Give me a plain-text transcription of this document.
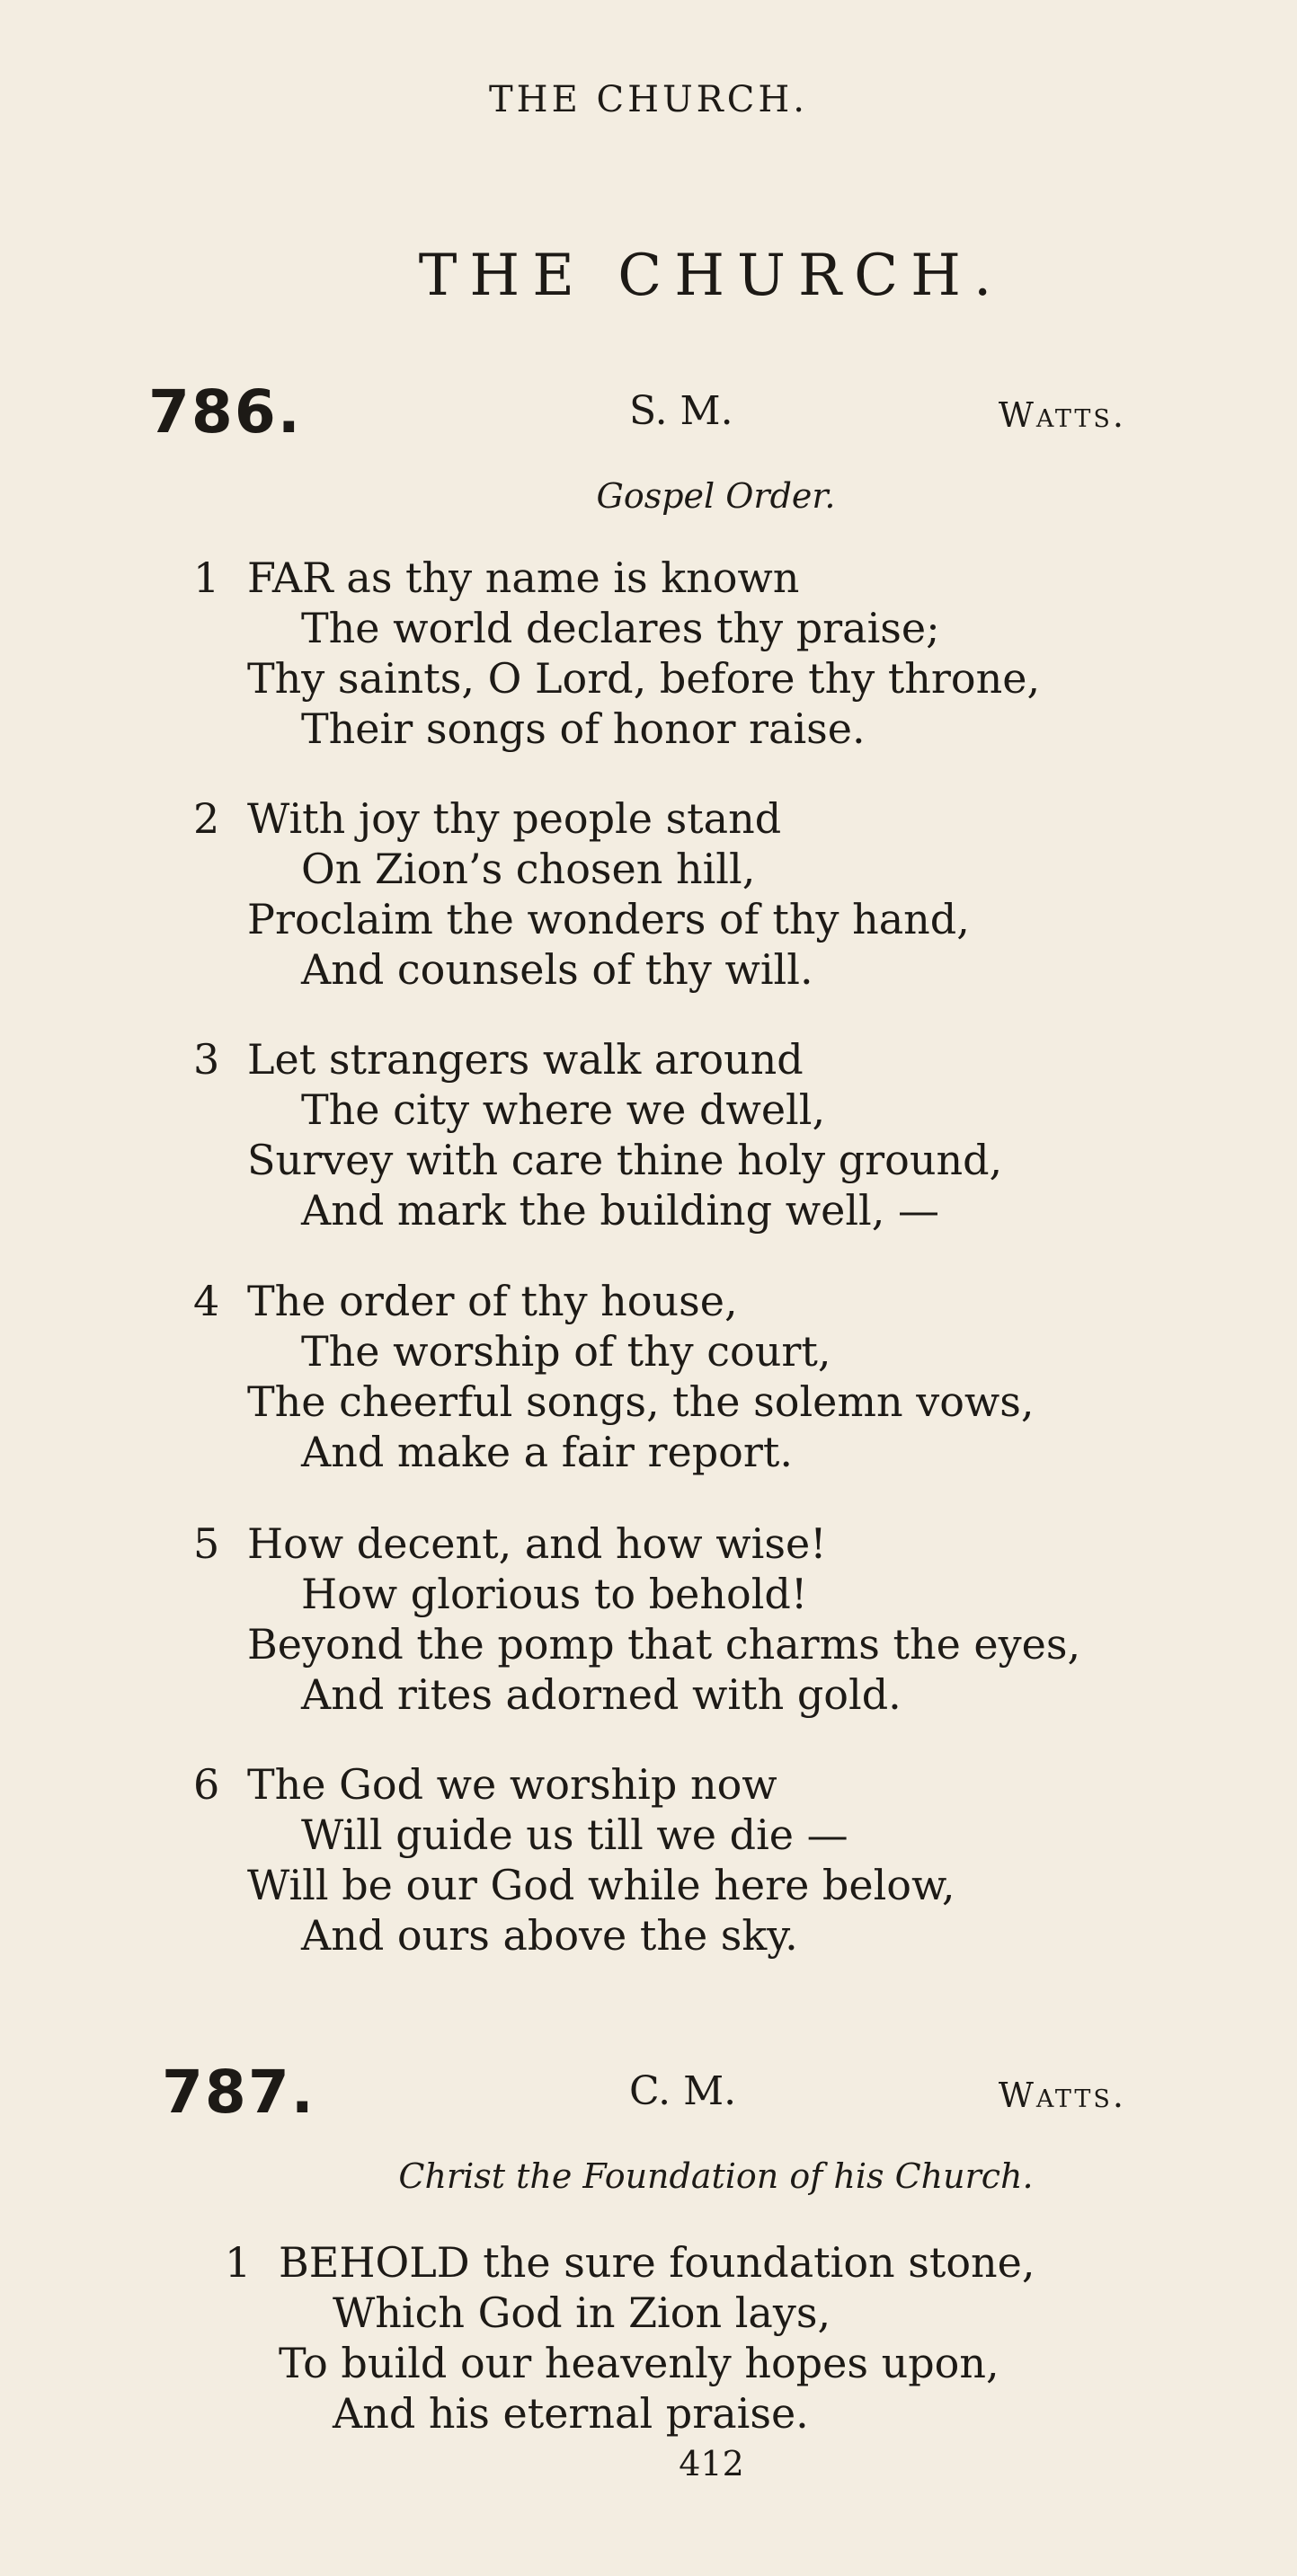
THE CHURCH.
THE CHURCH.
786.	S. M.	Watts.
Gospel Order.
1 FAR as thy name is known
The world declares thy praise;
Thy saints, O Lord, before thy throne,
Their songs of honor raise.
2 With joy thy people stand
On Zion’s chosen hill,
Proclaim the wonders of thy hand,
And counsels of thy will.
3 Let strangers walk around
The city where we dwell,
Survey with care thine holy ground,
And mark the building well, —
4 The order of thy house,
The worship of thy court,
The cheerful songs, the solemn vows,
And make a fair report.
5 How decent, and how wise!
How glorious to behold!
Beyond the pomp that charms the eyes,
And rites adorned with gold.
6 The God we worship now
Will guide us till we die —
Will be our God while here below,
And ours above the sky.
787.	C. M.	Watts.
Christ the Foundation of his Church.
1 BEHOLD the sure foundation stone,
Which God in Zion lays,
To build our heavenly hopes upon,
And his eternal praise.
412
